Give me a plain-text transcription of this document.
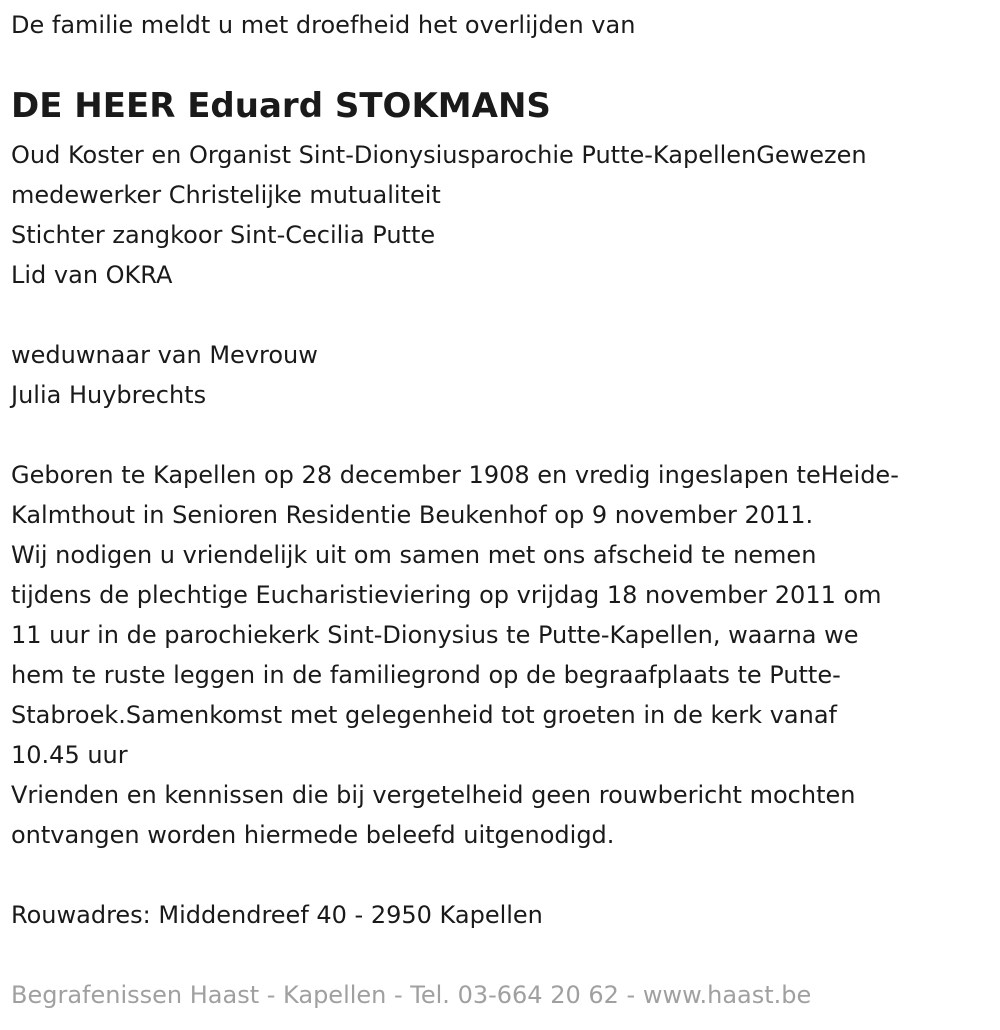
De familie meldt u met droefheid het overlijden van
DE HEER Eduard STOKMANS
Oud Koster en Organist Sint-Dionysiusparochie Putte-KapellenGewezen
medewerker Christelijke mutualiteit
Stichter zangkoor Sint-Cecilia Putte
Lid van OKRA
weduwnaar van Mevrouw
Julia Huybrechts
Geboren te Kapellen op 28 december 1908 en vredig ingeslapen teHeide-
Kalmthout in Senioren Residentie Beukenhof op 9 november 2011.
Wij nodigen u vriendelijk uit om samen met ons afscheid te nemen
tijdens de plechtige Eucharistieviering op vrijdag 18 november 2011 om
11 uur in de parochiekerk Sint-Dionysius te Putte-Kapellen, waarna we
hem te ruste leggen in de familiegrond op de begraafplaats te Putte-
Stabroek.Samenkomst met gelegenheid tot groeten in de kerk vanaf
10.45 uur
Vrienden en kennissen die bij vergetelheid geen rouwbericht mochten
ontvangen worden hiermede beleefd uitgenodigd.
Rouwadres: Middendreef 40 - 2950 Kapellen
Begrafenissen Haast - Kapellen - Tel. 03-664 20 62 - www.haast.be
